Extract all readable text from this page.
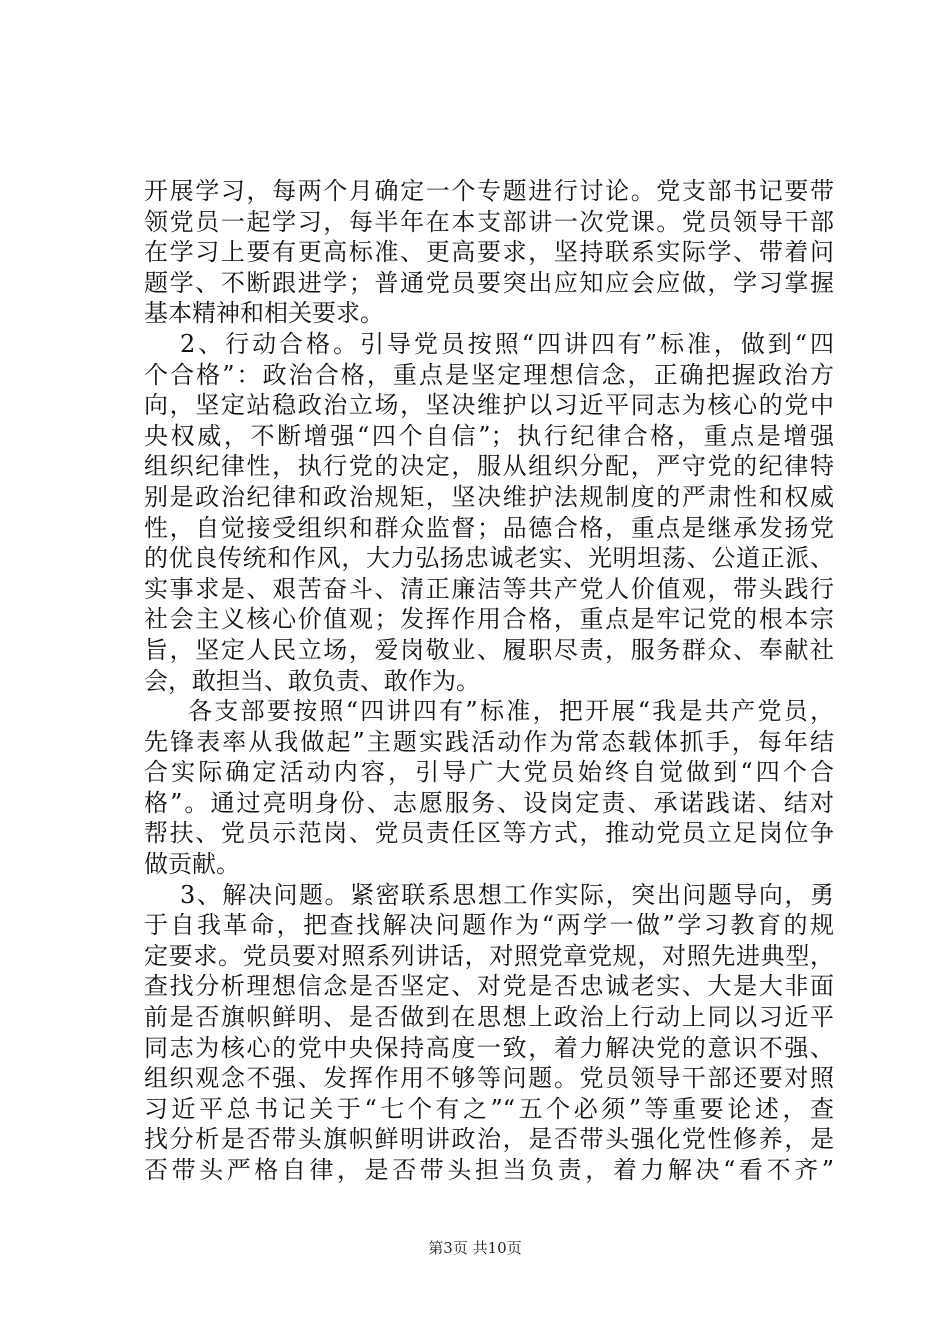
开展学习，每两个月确定一个专题进行讨论。党支部书记要带
领党员一起学习，每半年在本支部讲一次党课。党员领导干部
在学习上要有更高标准、更高要求，坚持联系实际学、带着问
题学、不断跟进学；普通党员要突出应知应会应做，学习掌握
基本精神和相关要求。
2、行动合格。引导党员按照“四讲四有”标准，做到“四
个合格”：政治合格，重点是坚定理想信念，正确把握政治方
向，坚定站稳政治立场，坚决维护以习近平同志为核心的党中
央权威，不断增强“四个自信”；执行纪律合格，重点是增强
组织纪律性，执行党的决定，服从组织分配，严守党的纪律特
别是政治纪律和政治规矩，坚决维护法规制度的严肃性和权威
性，自觉接受组织和群众监督；品德合格，重点是继承发扬党
的优良传统和作风，大力弘扬忠诚老实、光明坦荡、公道正派、
实事求是、艰苦奋斗、清正廉洁等共产党人价值观，带头践行
社会主义核心价值观；发挥作用合格，重点是牢记党的根本宗
旨，坚定人民立场，爱岗敬业、履职尽责，服务群众、奉献社
会，敢担当、敢负责、敢作为。
各支部要按照“四讲四有”标准，把开展“我是共产党员，
先锋表率从我做起”主题实践活动作为常态载体抓手，每年结
合实际确定活动内容，引导广大党员始终自觉做到“四个合
格”。通过亮明身份、志愿服务、设岗定责、承诺践诺、结对
帮扶、党员示范岗、党员责任区等方式，推动党员立足岗位争
做贡献。
3、解决问题。紧密联系思想工作实际，突出问题导向，勇
于自我革命，把查找解决问题作为“两学一做”学习教育的规
定要求。党员要对照系列讲话，对照党章党规，对照先进典型，
查找分析理想信念是否坚定、对党是否忠诚老实、大是大非面
前是否旗帜鲜明、是否做到在思想上政治上行动上同以习近平
同志为核心的党中央保持高度一致，着力解决党的意识不强、
组织观念不强、发挥作用不够等问题。党员领导干部还要对照
习近平总书记关于“七个有之”“五个必须”等重要论述，查
找分析是否带头旗帜鲜明讲政治，是否带头强化党性修养，是
否带头严格自律，是否带头担当负责，着力解决“看不齐”
第3页 共10页
